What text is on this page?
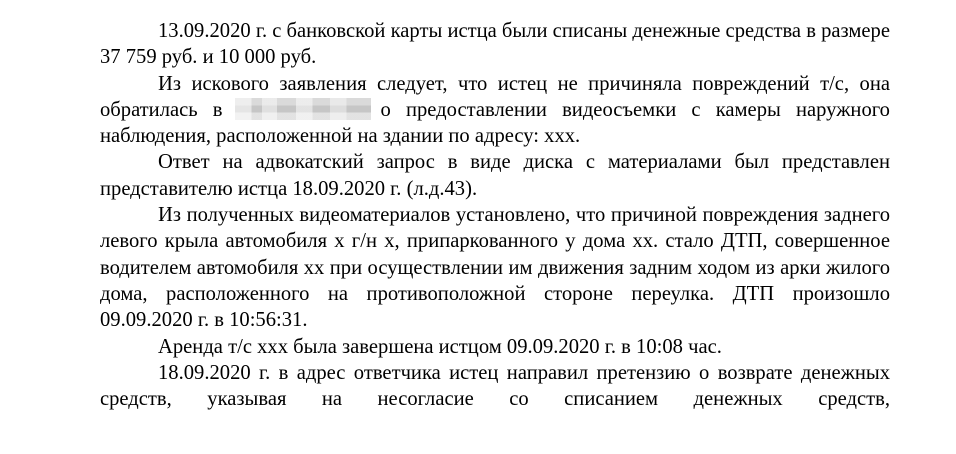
13.09.2020 г. с банковской карты истца были списаны денежные средства в размере 37 759 руб. и 10 000 руб.

Из искового заявления следует, что истец не причиняла повреждений т/с, она обратилась в	о предоставлении видеосъемки с камеры наружного наблюдения, расположенной на здании по адресу: ххх.

Ответ на адвокатский запрос в виде диска с материалами был представлен представителю истца 18.09.2020 г. (л.д.43).

Из полученных видеоматериалов установлено, что причиной повреждения заднего левого крыла автомобиля х г/н х, припаркованного у дома хх. стало ДТП, совершенное водителем автомобиля хх при осуществлении им движения задним ходом из арки жилого дома, расположенного на противоположной стороне переулка. ДТП произошло 09.09.2020 г. в 10:56:31.

Аренда т/с ххх была завершена истцом 09.09.2020 г. в 10:08 час.

18.09.2020 г. в адрес ответчика истец направил претензию о возврате денежных средств, указывая на несогласие со списанием денежных средств,
